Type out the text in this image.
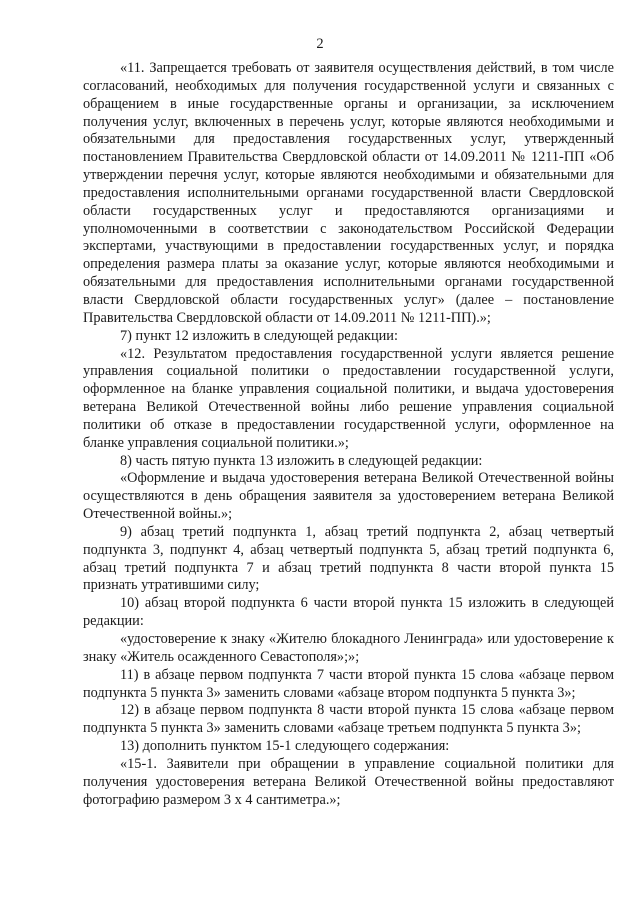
2

«11. Запрещается требовать от заявителя осуществления действий, в том числе согласований, необходимых для получения государственной услуги и связанных с обращением в иные государственные органы и организации, за исключением получения услуг, включенных в перечень услуг, которые являются необходимыми и обязательными для предоставления государственных услуг, утвержденный постановлением Правительства Свердловской области от 14.09.2011 № 1211-ПП «Об утверждении перечня услуг, которые являются необходимыми и обязательными для предоставления исполнительными органами государственной власти Свердловской области государственных услуг и предоставляются организациями и уполномоченными в соответствии с законодательством Российской Федерации экспертами, участвующими в предоставлении государственных услуг, и порядка определения размера платы за оказание услуг, которые являются необходимыми и обязательными для предоставления исполнительными органами государственной власти Свердловской области государственных услуг» (далее – постановление Правительства Свердловской области от 14.09.2011 № 1211-ПП).»;

7) пункт 12 изложить в следующей редакции:

«12. Результатом предоставления государственной услуги является решение управления социальной политики о предоставлении государственной услуги, оформленное на бланке управления социальной политики, и выдача удостоверения ветерана Великой Отечественной войны либо решение управления социальной политики об отказе в предоставлении государственной услуги, оформленное на бланке управления социальной политики.»;

8) часть пятую пункта 13 изложить в следующей редакции:

«Оформление и выдача удостоверения ветерана Великой Отечественной войны осуществляются в день обращения заявителя за удостоверением ветерана Великой Отечественной войны.»;

9) абзац третий подпункта 1, абзац третий подпункта 2, абзац четвертый подпункта 3, подпункт 4, абзац четвертый подпункта 5, абзац третий подпункта 6, абзац третий подпункта 7 и абзац третий подпункта 8 части второй пункта 15 признать утратившими силу;

10) абзац второй подпункта 6 части второй пункта 15 изложить в следующей редакции:

«удостоверение к знаку «Жителю блокадного Ленинграда» или удостоверение к знаку «Житель осажденного Севастополя»;»;

11) в абзаце первом подпункта 7 части второй пункта 15 слова «абзаце первом подпункта 5 пункта 3» заменить словами «абзаце втором подпункта 5 пункта 3»;

12) в абзаце первом подпункта 8 части второй пункта 15 слова «абзаце первом подпункта 5 пункта 3» заменить словами «абзаце третьем подпункта 5 пункта 3»;

13) дополнить пунктом 15-1 следующего содержания:

«15-1. Заявители при обращении в управление социальной политики для получения удостоверения ветерана Великой Отечественной войны предоставляют фотографию размером 3 х 4 сантиметра.»;
